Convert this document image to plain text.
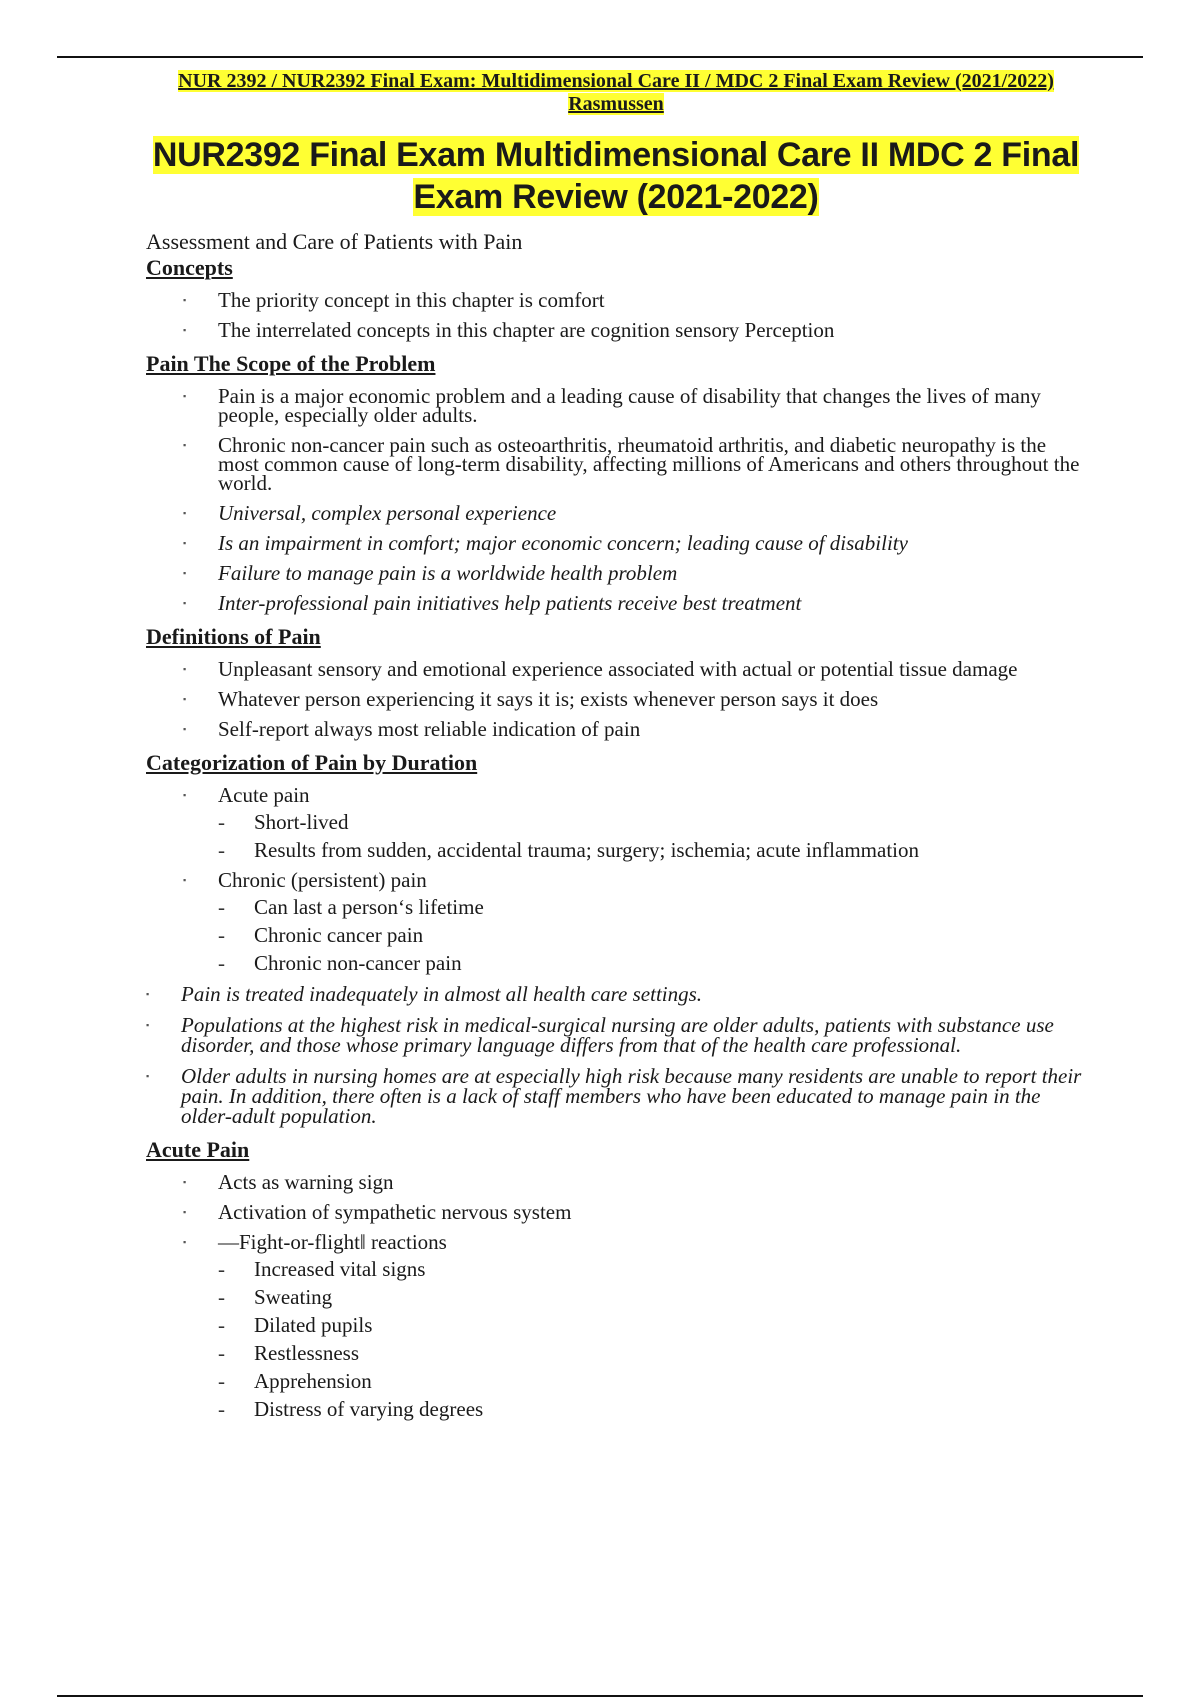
NUR 2392 / NUR2392 Final Exam: Multidimensional Care II / MDC 2 Final Exam Review (2021/2022) Rasmussen
NUR2392 Final Exam Multidimensional Care II MDC 2 Final Exam Review (2021-2022)
Assessment and Care of Patients with Pain
Concepts
▪ The priority concept in this chapter is comfort
▪ The interrelated concepts in this chapter are cognition sensory Perception
Pain The Scope of the Problem
▪ Pain is a major economic problem and a leading cause of disability that changes the lives of many people, especially older adults.
▪ Chronic non-cancer pain such as osteoarthritis, rheumatoid arthritis, and diabetic neuropathy is the most common cause of long-term disability, affecting millions of Americans and others throughout the world.
▪ Universal, complex personal experience
▪ Is an impairment in comfort; major economic concern; leading cause of disability
▪ Failure to manage pain is a worldwide health problem
▪ Inter-professional pain initiatives help patients receive best treatment
Definitions of Pain
▪ Unpleasant sensory and emotional experience associated with actual or potential tissue damage
▪ Whatever person experiencing it says it is; exists whenever person says it does
▪ Self-report always most reliable indication of pain
Categorization of Pain by Duration
▪ Acute pain
- Short-lived
- Results from sudden, accidental trauma; surgery; ischemia; acute inflammation
▪ Chronic (persistent) pain
- Can last a person‘s lifetime
- Chronic cancer pain
- Chronic non-cancer pain
▪ Pain is treated inadequately in almost all health care settings.
▪ Populations at the highest risk in medical-surgical nursing are older adults, patients with substance use disorder, and those whose primary language differs from that of the health care professional.
▪ Older adults in nursing homes are at especially high risk because many residents are unable to report their pain. In addition, there often is a lack of staff members who have been educated to manage pain in the older-adult population.
Acute Pain
▪ Acts as warning sign
▪ Activation of sympathetic nervous system
▪ ―Fight-or-flight‖ reactions
- Increased vital signs
- Sweating
- Dilated pupils
- Restlessness
- Apprehension
- Distress of varying degrees
